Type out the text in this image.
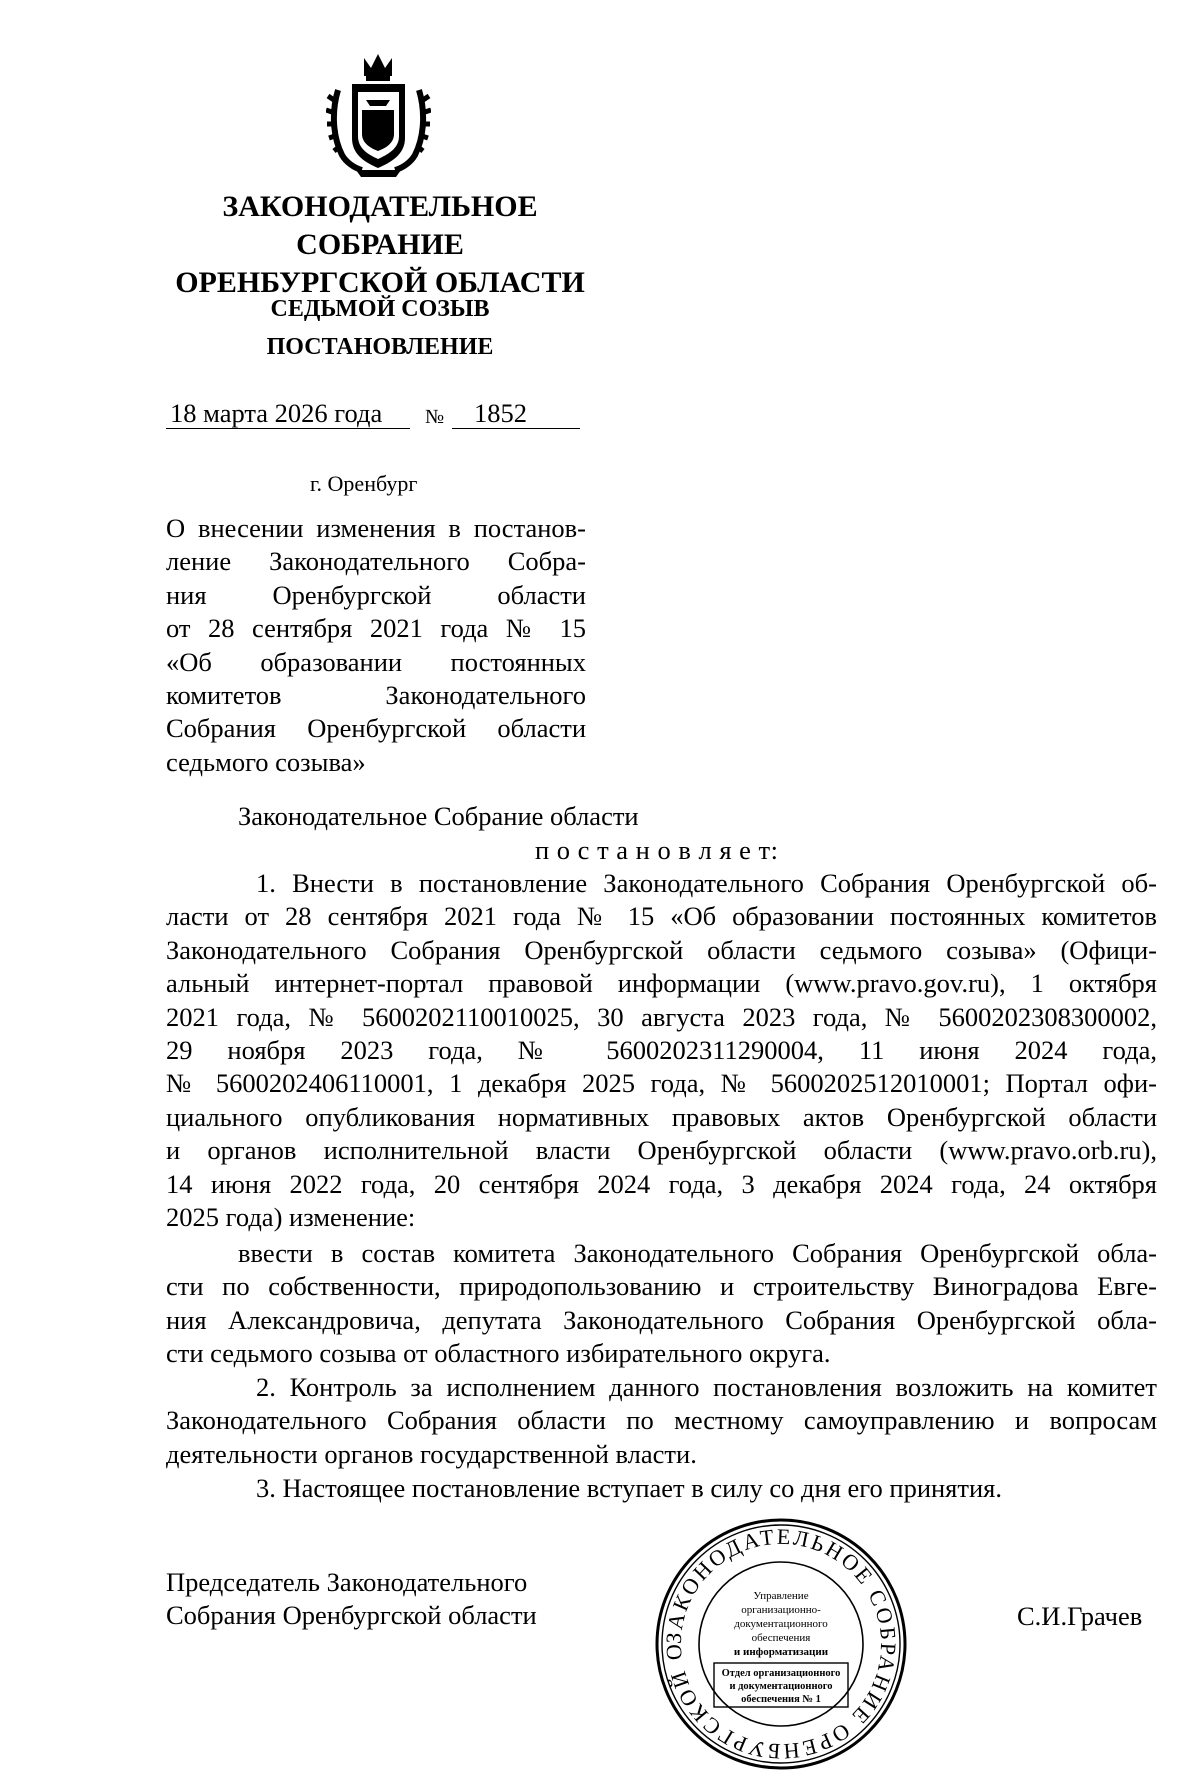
ЗАКОНОДАТЕЛЬНОЕ
СОБРАНИЕ
ОРЕНБУРГСКОЙ ОБЛАСТИ
СЕДЬМОЙ СОЗЫВ
ПОСТАНОВЛЕНИЕ
18 марта 2026 года	№	1852
г. Оренбург
О внесении изменения в постанов-
ление Законодательного Собра-
ния Оренбургской области
от 28 сентября 2021 года № 15
«Об образовании постоянных
комитетов Законодательного
Собрания Оренбургской области
седьмого созыва»
Законодательное Собрание области
п о с т а н о в л я е т:
1. Внести в постановление Законодательного Собрания Оренбургской об-
ласти от 28 сентября 2021 года № 15 «Об образовании постоянных комитетов
Законодательного Собрания Оренбургской области седьмого созыва» (Офици-
альный интернет-портал правовой информации (www.pravo.gov.ru), 1 октября
2021 года, № 5600202110010025, 30 августа 2023 года, № 5600202308300002,
29 ноября 2023 года, № 5600202311290004, 11 июня 2024 года,
№ 5600202406110001, 1 декабря 2025 года, № 5600202512010001; Портал офи-
циального опубликования нормативных правовых актов Оренбургской области
и органов исполнительной власти Оренбургской области (www.pravo.orb.ru),
14 июня 2022 года, 20 сентября 2024 года, 3 декабря 2024 года, 24 октября
2025 года) изменение:
ввести в состав комитета Законодательного Собрания Оренбургской обла-
сти по собственности, природопользованию и строительству Виноградова Евге-
ния Александровича, депутата Законодательного Собрания Оренбургской обла-
сти седьмого созыва от областного избирательного округа.
2. Контроль за исполнением данного постановления возложить на комитет
Законодательного Собрания области по местному самоуправлению и вопросам
деятельности органов государственной власти.
3. Настоящее постановление вступает в силу со дня его принятия.
Председатель Законодательного
Собрания Оренбургской области	С.И.Грачев
ЗАКОНОДАТЕЛЬНОЕ СОБРАНИЕ ОРЕНБУРГСКОЙ О
Управление
организационно-
документационного
обеспечения
и информатизации
Отдел организационного
и документационного
обеспечения № 1
